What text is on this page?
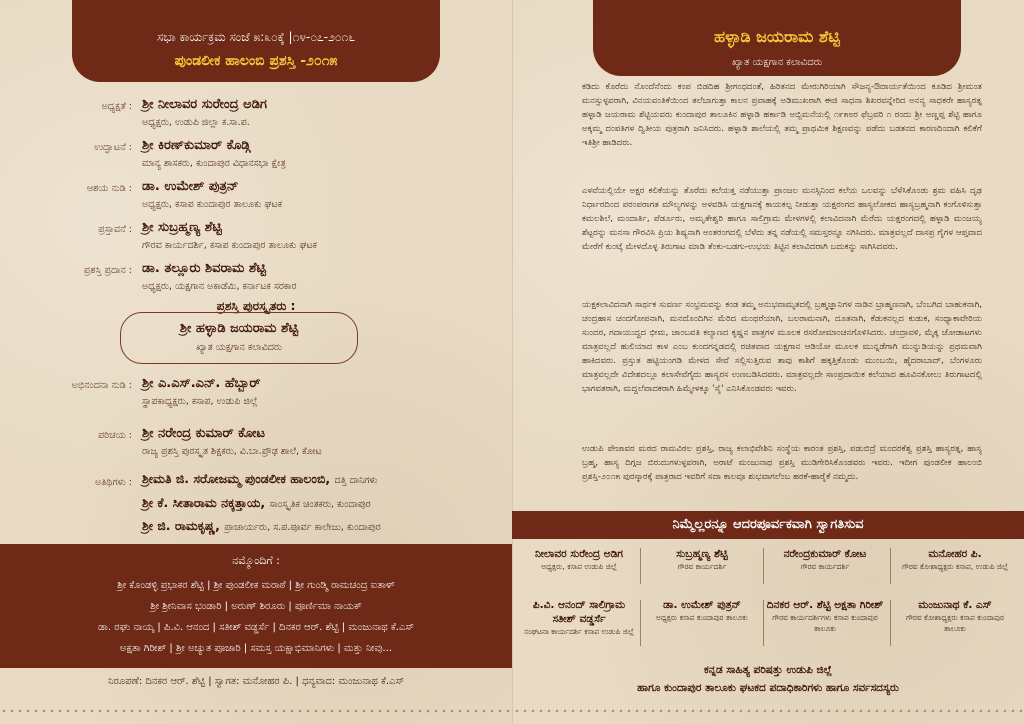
ಸಭಾ ಕಾರ್ಯಕ್ರಮ ಸಂಜೆ ೫:೩೦ಕ್ಕೆ |೧೪-೦೭-೨೦೧೬
ಪುಂಡಲೀಕ ಹಾಲಂಬಿ ಪ್ರಶಸ್ತಿ -೨೦೧೫
ಅಧ್ಯಕ್ಷತೆ : ಶ್ರೀ ನೀಲಾವರ ಸುರೇಂದ್ರ ಅಡಿಗ
ಅಧ್ಯಕ್ಷರು, ಉಡುಪಿ ಜಿಲ್ಲಾ ಕ.ಸಾ.ಪ.
ಉದ್ಘಾಟನೆ : ಶ್ರೀ ಕಿರಣ್‌ಕುಮಾರ್ ಕೊಡ್ಗಿ
ಮಾನ್ಯ ಶಾಸಕರು, ಕುಂದಾಪುರ ವಿಧಾನಸಭಾ ಕ್ಷೇತ್ರ
ಆಶಯ ನುಡಿ : ಡಾ. ಉಮೇಶ್ ಪುತ್ರನ್
ಅಧ್ಯಕ್ಷರು, ಕಸಾಪ ಕುಂದಾಪುರ ತಾಲೂಕು ಘಟಕ
ಪ್ರಸ್ತಾವನೆ : ಶ್ರೀ ಸುಬ್ರಹ್ಮಣ್ಯ ಶೆಟ್ಟಿ
ಗೌರವ ಕಾರ್ಯದರ್ಶಿ, ಕಸಾಪ ಕುಂದಾಪುರ ತಾಲೂಕು ಘಟಕ
ಪ್ರಶಸ್ತಿ ಪ್ರದಾನ : ಡಾ. ತಲ್ಲೂರು ಶಿವರಾಮ ಶೆಟ್ಟಿ
ಅಧ್ಯಕ್ಷರು, ಯಕ್ಷಗಾನ ಅಕಾಡೆಮಿ, ಕರ್ನಾಟಕ ಸರಕಾರ
ಪ್ರಶಸ್ತಿ ಪುರಸ್ಕೃತರು :
ಶ್ರೀ ಹಳ್ಳಾಡಿ ಜಯರಾಮ ಶೆಟ್ಟಿ
ಖ್ಯಾತ ಯಕ್ಷಗಾನ ಕಲಾವಿದರು
ಅಭಿನಂದನಾ ನುಡಿ : ಶ್ರೀ ಎ.ಎಸ್.ಎನ್. ಹೆಬ್ಬಾರ್
ಸ್ಥಾಪಕಾಧ್ಯಕ್ಷರು, ಕಸಾಪ, ಉಡುಪಿ ಜಿಲ್ಲೆ
ಪರಿಚಯ : ಶ್ರೀ ನರೇಂದ್ರ ಕುಮಾರ್ ಕೋಟ
ರಾಜ್ಯ ಪ್ರಶಸ್ತಿ ಪುರಸ್ಕೃತ ಶಿಕ್ಷಕರು, ವಿ.ಬಾ.ಪ್ರೌಢ ಶಾಲೆ, ಕೋಟ
ಅತಿಥಿಗಳು : ಶ್ರೀಮತಿ ಜಿ. ಸರೋಜಮ್ಮ ಪುಂಡಲೀಕ ಹಾಲಂಬಿ, ದತ್ತಿ ದಾನಿಗಳು
ಶ್ರೀ ಕೆ. ಸೀತಾರಾಮ ನಕ್ಕತ್ತಾಯ, ಸಾಂಸ್ಕೃತಿಕ ಚಿಂತಕರು, ಕುಂದಾಪುರ
ಶ್ರೀ ಜಿ. ರಾಮಕೃಷ್ಣ, ಪ್ರಾಚಾರ್ಯರು, ಸ.ಪ.ಪೂರ್ವ ಕಾಲೇಜು, ಕುಂದಾಪುರ
ನಮ್ಮೊಂದಿಗೆ :
ಶ್ರೀ ಕೊಂಡಳ್ಳಿ ಪ್ರಭಾಕರ ಶೆಟ್ಟಿ | ಶ್ರೀ ಪುಂಡಲೀಕ ಮರಾಠೆ | ಶ್ರೀ ಗುಂಡ್ಮಿ ರಾಮಚಂದ್ರ ಐತಾಳ್
ಶ್ರೀ ಶ್ರೀನಿವಾಸ ಭಂಡಾರಿ | ಅರುಣ್ ಶಿರೂರು | ಪೂರ್ಣಿಮಾ ನಾಯಕ್
ಡಾ. ರಘು ನಾಯ್ಕ | ಪಿ.ವಿ. ಆನಂದ | ಸತೀಶ್ ವಡ್ಡರ್ಸೆ | ದಿನಕರ ಆರ್. ಶೆಟ್ಟಿ | ಮಂಜುನಾಥ ಕೆ.ಎಸ್
ಅಕ್ಷತಾ ಗಿರೀಶ್ | ಶ್ರೀ ಅಚ್ಯುತ ಪೂಜಾರಿ | ಸಮಸ್ತ ಯಕ್ಷಾಭಿಮಾನಿಗಳು | ಮತ್ತು ನೀವು...
ನಿರೂಪಣೆ: ದಿನಕರ ಆರ್. ಶೆಟ್ಟಿ | ಸ್ವಾಗತ: ಮನೋಹರ ಪಿ. | ಧನ್ಯವಾದ: ಮಂಜುನಾಥ ಕೆ.ಎಸ್
ಹಳ್ಳಾಡಿ ಜಯರಾಮ ಶೆಟ್ಟಿ
ಖ್ಯಾತ ಯಕ್ಷಗಾನ ಕಲಾವಿದರು
ಕಡಿದು ಕೊರೆದು ನೊಂದೆನೆಂದು ಕಂಪ ಬಿಡದಿಹ ಶ್ರೀಗಂಧದಂತೆ, ಹಿರಿತನದ ಮೇರುಗಿರಿಯಾಗಿ ಸೌಜನ್ಯ-ಔದಾರ್ಯತೆಯಿಂದ ಕೂಡಿದ ಶ್ರೀಮಂತ ಮನಸ್ಸುಳ್ಳವರಾಗಿ, ವಿನಯವಂತಿಕೆಯಿಂದ ತಲೆಬಾಗುತ್ತಾ ಕಾಲನ ಪ್ರವಾಹಕ್ಕೆ ಅಡಿಮುಖರಾಗಿ ಈಜಿ ಸಾಧನಾ ಶಿಖರವನ್ನೇರಿದ ಅನನ್ಯ ಸಾಧಕರೇ ಹಾಸ್ಯರತ್ನ ಹಳ್ಳಾಡಿ ಜಯರಾಮ ಶೆಟ್ಟಿಯವರು ಕುಂದಾಪುರ ತಾಲೂಕಿನ ಹಳ್ಳಾಡಿ ಹರ್ಕಾಡಿ ಅಬ್ಬಿಮನೆಯಲ್ಲಿ ೧೯೫೮ರ ಫೆಬ್ರವರಿ ೧ ರಂದು ಶ್ರೀ ಅಣ್ಣಪ್ಪ ಶೆಟ್ಟಿ ಹಾಗೂ ಅಕ್ಕಮ್ಮ ದಂಪತಿಗಳ ದ್ವಿತೀಯ ಪುತ್ರರಾಗಿ ಜನಿಸಿದರು. ಹಳ್ಳಾಡಿ ಶಾಲೆಯಲ್ಲಿ ತಮ್ಮ ಪ್ರಾಥಮಿಕ ಶಿಕ್ಷಣವನ್ನು ಪಡೆದು ಬಡತನದ ಕಾರಣದಿಂದಾಗಿ ಕಲಿಕೆಗೆ ಇತಿಶ್ರೀ ಹಾಡಿದರು.
ಎಳವೆಯಲ್ಲಿಯೇ ಅಕ್ಷರ ಕಲಿಕೆಯನ್ನು ತೊರೆದು ಕಲೆಯತ್ತ ನಡೆಯುತ್ತಾ ಪ್ರಾಂಜಲ ಮನಸ್ಸಿನಿಂದ ಕಲೆಯ ಒಲವನ್ನು ಬೆಳೆಸಿಕೊಂಡು ಶ್ರಮ ವಹಿಸಿ ದೃಢ ನಿರ್ಧಾರದಿಂದ ಪರಂಪರಾಗತ ಮೌಲ್ಯಗಳನ್ನು ಅಳವಡಿಸಿ ಯಕ್ಷಗಾನಕ್ಕೆ ಕಾಯಕಲ್ಪ ನೀಡುತ್ತಾ ಯಕ್ಷರಂಗದ ಹಾಸ್ಯಲೋಕದ ಹಾಸ್ಯಬ್ರಹ್ಮನಾಗಿ ಕಂಗೊಳಿಸುತ್ತಾ ಕಮಲಶಿಲೆ, ಮಂದಾರ್ತಿ, ಪೆರ್ಡೂರು, ಅಮೃತೇಶ್ವರಿ ಹಾಗೂ ಸಾಲಿಗ್ರಾಮ ಮೇಳಗಳಲ್ಲಿ ಕಲಾವಿದನಾಗಿ ಮೆರೆದು ಯಕ್ಷರಂಗದಲ್ಲಿ ಹಳ್ಳಾಡಿ ಮಂಜಯ್ಯ ಶೆಟ್ಟರನ್ನು ಮನಸಾ ಗೌರವಿಸಿ ಪ್ರಿಯ ಶಿಷ್ಯನಾಗಿ ಅಂತರಂಗದಲ್ಲಿ ಬೆಳೆದು ತನ್ನ ನಡೆಯಲ್ಲಿ ಸಮಸ್ತರನ್ನೂ ನಗಿಸಿದರು. ಮಾತ್ರವಲ್ಲದೆ ದಾಸಪ್ರ ಗೈಗಳ ಆಪ್ತವಾದ ಮೇರೆಗೆ ಕುಂಟ್ಕೆ ಮೇಳದೊಳ್ಳ ತಿರುಗಾಟ ಮಾಡಿ ತೆಂಕು-ಬಡಗು-ಉಭಯ ತಿಟ್ಟಿನ ಕಲಾವಿದರಾಗಿ ಬದುಕನ್ನು ಸಾಗಿಸಿದವರು.
ಯಕ್ಷಕಲಾವಿದನಾಗಿ ಸಾರ್ಥಕ ಸುವರ್ಣ ಸಂಭ್ರಮವನ್ನು ಕಂಡ ತಮ್ಮ ಅನುಭವಾಮೃತದಲ್ಲಿ ಬ್ರಹ್ಮಜ್ಞಾನಿಗಳ ನಾಡಿನ ಬ್ರಾಹ್ಮಣನಾಗಿ, ಬೆಂಬಗಿದ ಬಾಹುಕನಾಗಿ, ಚಂದ್ರಹಾಸ ಚಂದಗೋಪನಾಗಿ, ಮನದೊಂದಿಗಿನ ಮೆರಿದ ಮಂಥರೆಯಾಗಿ, ಬಲರಾಮನಾಗಿ, ದೂತನಾಗಿ, ಕೆಡುಕನಲ್ಲದ ಕುಡುಕ, ಸಂಧ್ಯಾಕಾವೇರಿಯ ಸುಂದರ, ಗದಾಯುದ್ಧದ ಭೀಮ, ಜಾಂಬವತಿ ಕಲ್ಯಾಣದ ಕೃಷ್ಣನ ಪಾತ್ರಗಳ ಮೂಲಕ ರಸರೋಮಾಂಚನಗೊಳಿಸಿದರು. ಚಂದ್ರಾವಳಿ, ಮೈಕ್ಕ ಜೋಡಾಟಗಳು ಮಾತ್ರವಲ್ಲದೆ ಹುಲಿಯಾದ ಕಾಳ ಎಂಬ ಕುಂದಗನ್ನಡದಲ್ಲಿ ರಚಿತವಾದ ಯಕ್ಷಗಾನ ಆಡಿಯೋ ಮೂಲಕ ಮುನ್ನಡೆಗಾಗಿ ಮುನ್ನುಡಿಯನ್ನು ಪ್ರಥಮವಾಗಿ ಹಾಕಿದವರು. ಪ್ರಸ್ತುತ ಹಟ್ಟಿಯಂಗಡಿ ಮೇಳದ ಸೇವೆ ಸಲ್ಲಿಸುತ್ತಿರುವ ತಾವು ಕಾಶಿಗೆ ಹಕ್ಕತ್ತಿಕೊಂಡು ಮುಂಬಯಿ, ಹೈದರಾಬಾದ್, ಬೆಂಗಳೂರು ಮಾತ್ರವಲ್ಲದೇ ವಿದೇಶದಲ್ಲೂ ಕಲಾಸೇವೆಗೈದು ಹಾಸ್ಯರಸ ಉಣಬಡಿಸಿದವರು. ಮಾತ್ರವಲ್ಲದೇ ಸಾಂಪ್ರದಾಯಿಕ ಕಲೆಯಾದ ಹೂವಿನಕೋಲು ತಿರುಗಾಟದಲ್ಲಿ ಭಾಗವತರಾಗಿ, ಮದ್ದಲೆವಾದಕರಾಗಿ ಹಿಮ್ಮೇಳಕ್ಕೂ 'ಸೈ' ಎನಿಸಿಕೊಂಡವರು ಇವರು.
ಉಡುಪಿ ಪೇಜಾವರ ಮಠದ ರಾಮವಿಠಲ ಪ್ರಶಸ್ತಿ, ರಾಜ್ಯ ಕಲಾಭಿವೇಶಿನಿ ಸಂಸ್ಥೆಯ ಕಾರಂತ ಪ್ರಶಸ್ತಿ, ಪಡುಬಿದ್ರೆ ಮಂದರಕೆಶ್ವ ಪ್ರಶಸ್ತಿ ಹಾಸ್ಯರತ್ನ, ಹಾಸ್ಯ ಬ್ರಹ್ಮ, ಹಾಸ್ಯ ದಿಗ್ಗಜ ಬಿರುದುಗಳುಳ್ಳವರಾಗಿ, ಅರಾಟೆ ಮಂಜುನಾಥ ಪ್ರಶಸ್ತಿ ಮುಡಿಗೇರಿಸಿಕೊಂಡವರು ಇವರು. ಇದೀಗ ಪುಂಡಲೀಕ ಹಾಲಂಬಿ ಪ್ರಶಸ್ತಿ-೨೦೧೫ ಪುರಸ್ಕಾರಕ್ಕೆ ಪಾತ್ರರಾದ ಇವರಿಗೆ ಸದಾ ಕಾಲವೂ ಶುಭವಾಗಲೆಂಬ ಹರಕೆ-ಹಾರೈಕೆ ನಮ್ಮದು.
ನಿಮ್ಮೆಲ್ಲರನ್ನೂ ಆದರಪೂರ್ವಕವಾಗಿ ಸ್ವಾಗತಿಸುವ
ನೀಲಾವರ ಸುರೇಂದ್ರ ಅಡಿಗ
ಅಧ್ಯಕ್ಷರು, ಕಸಾಪ ಉಡುಪಿ ಜಿಲ್ಲೆ
ಸುಬ್ರಹ್ಮಣ್ಯ ಶೆಟ್ಟಿ
ಗೌರವ ಕಾರ್ಯದರ್ಶಿ
ನರೇಂದ್ರಕುಮಾರ್ ಕೋಟ
ಗೌರವ ಕಾರ್ಯದರ್ಶಿ
ಮನೋಹರ ಪಿ.
ಗೌರವ ಕೋಶಾಧ್ಯಕ್ಷರು ಕಸಾಪ, ಉಡುಪಿ ಜಿಲ್ಲೆ
ಪಿ.ವಿ. ಆನಂದ್ ಸಾಲಿಗ್ರಾಮ ಸತೀಶ್ ವಡ್ಡರ್ಸೆ
ಸಂಘಟನಾ ಕಾರ್ಯದರ್ಶಿ ಕಸಾಪ ಉಡುಪಿ ಜಿಲ್ಲೆ
ಡಾ. ಉಮೇಶ್ ಪುತ್ರನ್
ಅಧ್ಯಕ್ಷರು ಕಸಾಪ ಕುಂದಾಪುರ ತಾಲೂಕು
ದಿನಕರ ಆರ್. ಶೆಟ್ಟಿ ಅಕ್ಷತಾ ಗಿರೀಶ್
ಗೌರವ ಕಾರ್ಯದರ್ಶಿಗಳು ಕಸಾಪ ಕುಂದಾಪುರ ತಾಲೂಕು
ಮಂಜುನಾಥ ಕೆ. ಎಸ್
ಗೌರವ ಕೋಶಾಧ್ಯಕ್ಷರು ಕಸಾಪ ಕುಂದಾಪುರ ತಾಲೂಕು
ಕನ್ನಡ ಸಾಹಿತ್ಯ ಪರಿಷತ್ತು ಉಡುಪಿ ಜಿಲ್ಲೆ
ಹಾಗೂ ಕುಂದಾಪುರ ತಾಲೂಕು ಘಟಕದ ಪದಾಧಿಕಾರಿಗಳು ಹಾಗೂ ಸರ್ವಸದಸ್ಯರು
